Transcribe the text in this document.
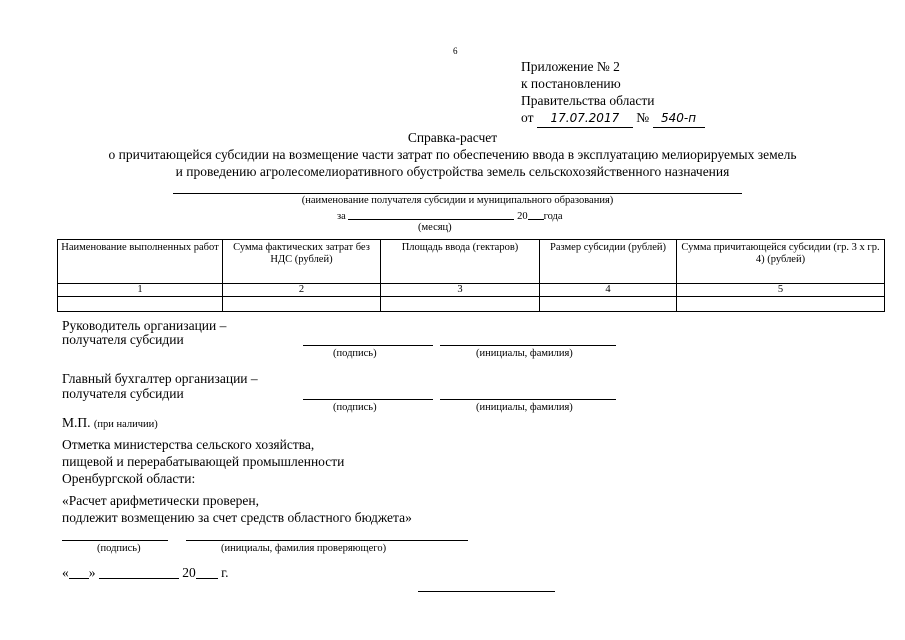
6
Приложение № 2
к постановлению
Правительства области
от 17.07.2017 № 540-п
Справка-расчет
о причитающейся субсидии на возмещение части затрат по обеспечению ввода в эксплуатацию мелиорируемых земель
и проведению агролесомелиоративного обустройства земель сельскохозяйственного назначения
(наименование получателя субсидии и муниципального образования)
за	20 года
(месяц)
Наименование выполненных работ	Сумма фактических затрат без НДС (рублей)	Площадь ввода (гектаров)	Размер субсидии (рублей)	Сумма причитающейся субсидии (гр. 3 х гр. 4) (рублей)
1	2	3	4	5

Руководитель организации –
получателя субсидии
(подпись)	(инициалы, фамилия)
Главный бухгалтер организации –
получателя субсидии
(подпись)	(инициалы, фамилия)
М.П. (при наличии)
Отметка министерства сельского хозяйства,
пищевой и перерабатывающей промышленности
Оренбургской области:
«Расчет арифметически проверен,
подлежит возмещению за счет средств областного бюджета»
(подпись)	(инициалы, фамилия проверяющего)
« »	20 г.
